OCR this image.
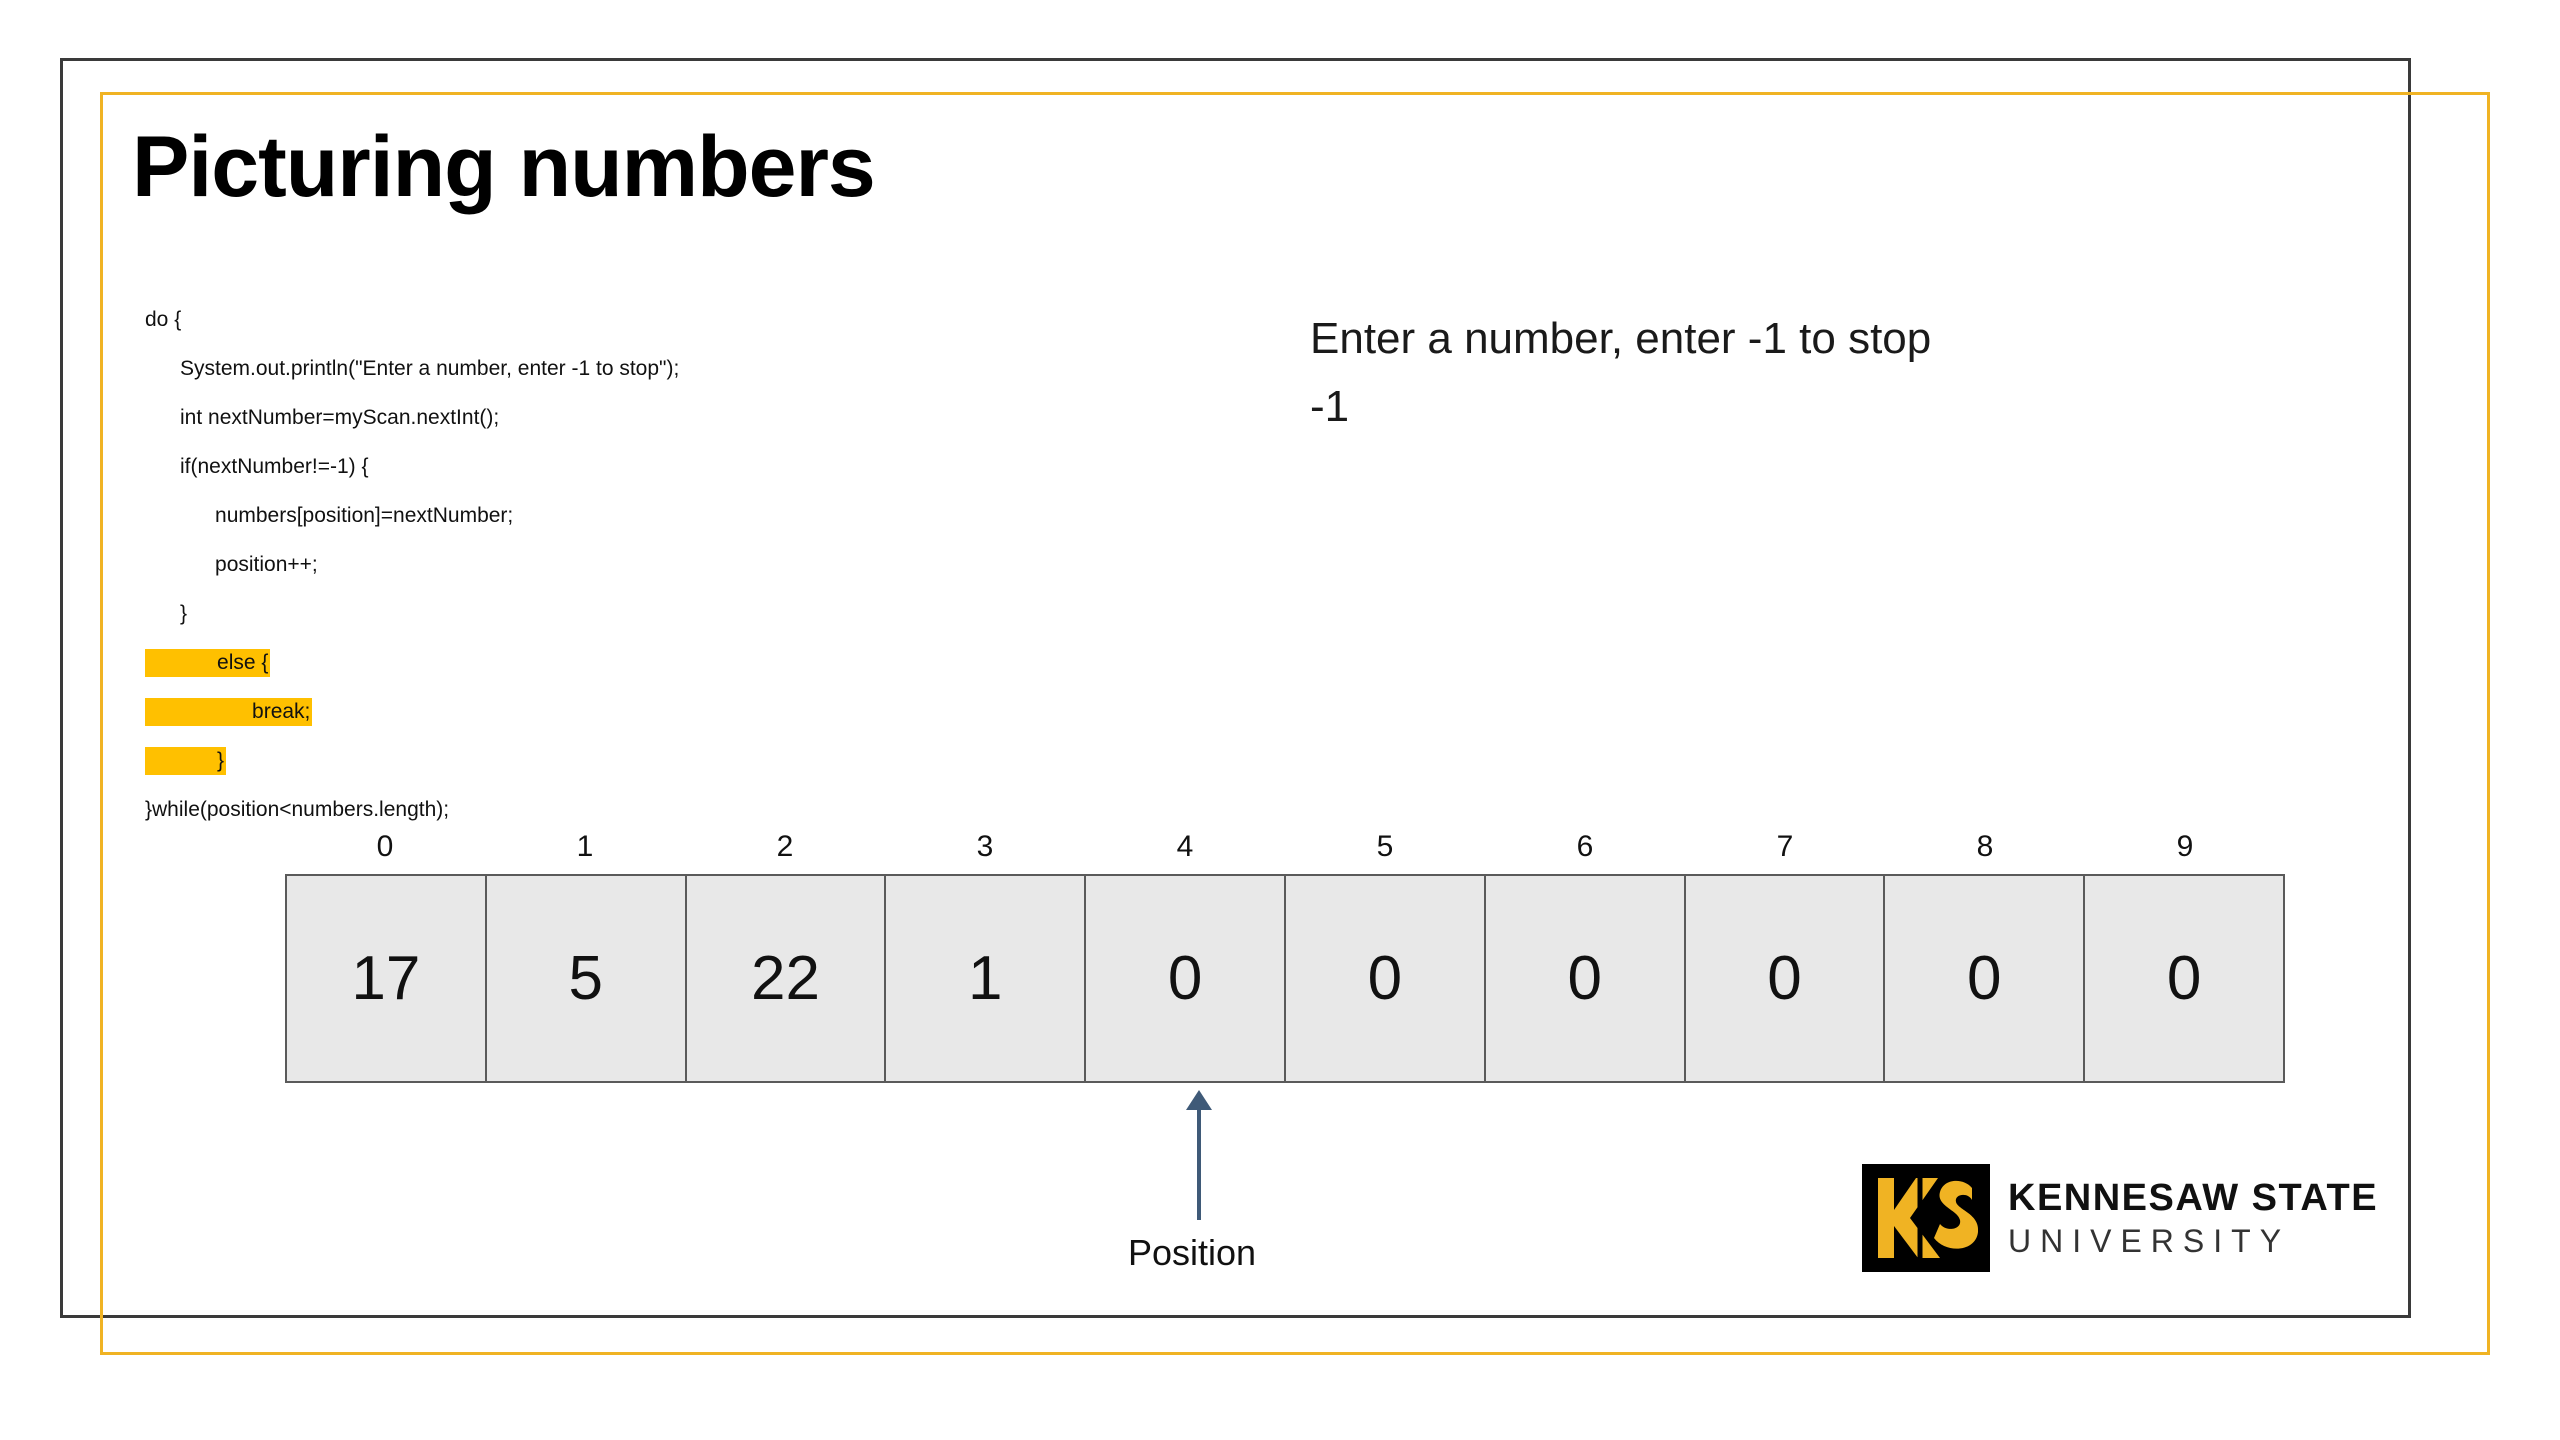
Picturing numbers
do {
System.out.println("Enter a number, enter -1 to stop");
int nextNumber=myScan.nextInt();
if(nextNumber!=-1) {
numbers[position]=nextNumber;
position++;
}
else {
break;
}
}while(position<numbers.length);
Enter a number, enter -1 to stop
-1
0	1	2	3	4	5	6	7	8	9
17	5	22	1	0	0	0	0	0	0
Position
KENNESAW STATE
UNIVERSITY
